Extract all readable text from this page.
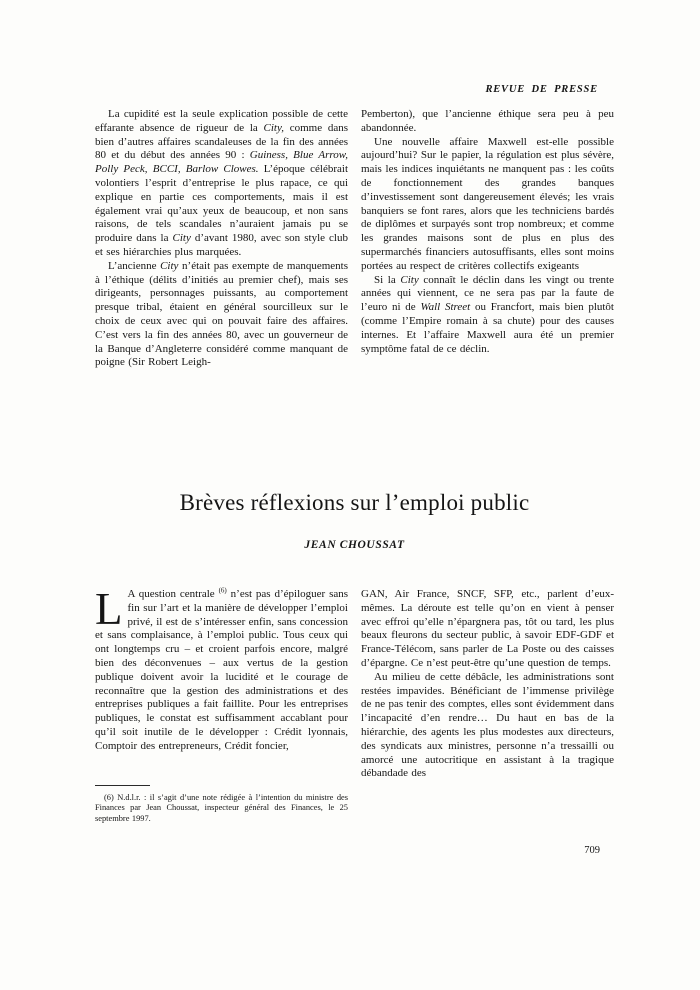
REVUE DE PRESSE

La cupidité est la seule explication possible de cette effarante absence de rigueur de la City, comme dans bien d’autres affaires scandaleuses de la fin des années 80 et du début des années 90 : Guiness, Blue Arrow, Polly Peck, BCCI, Barlow Clowes. L’époque célébrait volontiers l’esprit d’entreprise le plus rapace, ce qui explique en partie ces comportements, mais il est également vrai qu’aux yeux de beaucoup, et non sans raisons, de tels scandales n’auraient jamais pu se produire dans la City d’avant 1980, avec son style club et ses hiérarchies plus marquées.

L’ancienne City n’était pas exempte de manquements à l’éthique (délits d’initiés au premier chef), mais ses dirigeants, personnages puissants, au comportement presque tribal, étaient en général sourcilleux sur le choix de ceux avec qui on pouvait faire des affaires. C’est vers la fin des années 80, avec un gouverneur de la Banque d’Angleterre considéré comme manquant de poigne (Sir Robert Leigh-

Pemberton), que l’ancienne éthique sera peu à peu abandonnée.

Une nouvelle affaire Maxwell est-elle possible aujourd’hui? Sur le papier, la régulation est plus sévère, mais les indices inquiétants ne manquent pas : les coûts de fonctionnement des grandes banques d’investissement sont dangereusement élevés; les vrais banquiers se font rares, alors que les techniciens bardés de diplômes et surpayés sont trop nombreux; et comme les grandes maisons sont de plus en plus des supermarchés financiers autosuffisants, elles sont moins portées au respect de critères collectifs exigeants

Si la City connaît le déclin dans les vingt ou trente années qui viennent, ce ne sera pas par la faute de l’euro ni de Wall Street ou Francfort, mais bien plutôt (comme l’Empire romain à sa chute) pour des causes internes. Et l’affaire Maxwell aura été un premier symptôme fatal de ce déclin.

Brèves réflexions sur l’emploi public
JEAN CHOUSSAT

L A question centrale $^{(6)}$ n’est pas d’épiloguer sans fin sur l’art et la manière de développer l’emploi privé, il est de s’intéresser enfin, sans concession et sans complaisance, à l’emploi public. Tous ceux qui ont longtemps cru – et croient parfois encore, malgré bien des déconvenues – aux vertus de la gestion publique doivent avoir la lucidité et le courage de reconnaître que la gestion des administrations et des entreprises publiques a fait faillite. Pour les entreprises publiques, le constat est suffisamment accablant pour qu’il soit inutile de le développer : Crédit lyonnais, Comptoir des entrepreneurs, Crédit foncier,

GAN, Air France, SNCF, SFP, etc., parlent d’eux-mêmes. La déroute est telle qu’on en vient à penser avec effroi qu’elle n’épargnera pas, tôt ou tard, les plus beaux fleurons du secteur public, à savoir EDF-GDF et France-Télécom, sans parler de La Poste ou des caisses d’épargne. Ce n’est peut-être qu’une question de temps.

Au milieu de cette débâcle, les administrations sont restées impavides. Bénéficiant de l’immense privilège de ne pas tenir des comptes, elles sont évidemment dans l’incapacité d’en rendre… Du haut en bas de la hiérarchie, des agents les plus modestes aux directeurs, des syndicats aux ministres, personne n’a tressailli ou amorcé une autocritique en assistant à la tragique débandade des

(6) N.d.l.r. : il s’agit d’une note rédigée à l’intention du ministre des Finances par Jean Choussat, inspecteur général des Finances, le 25 septembre 1997.

709
